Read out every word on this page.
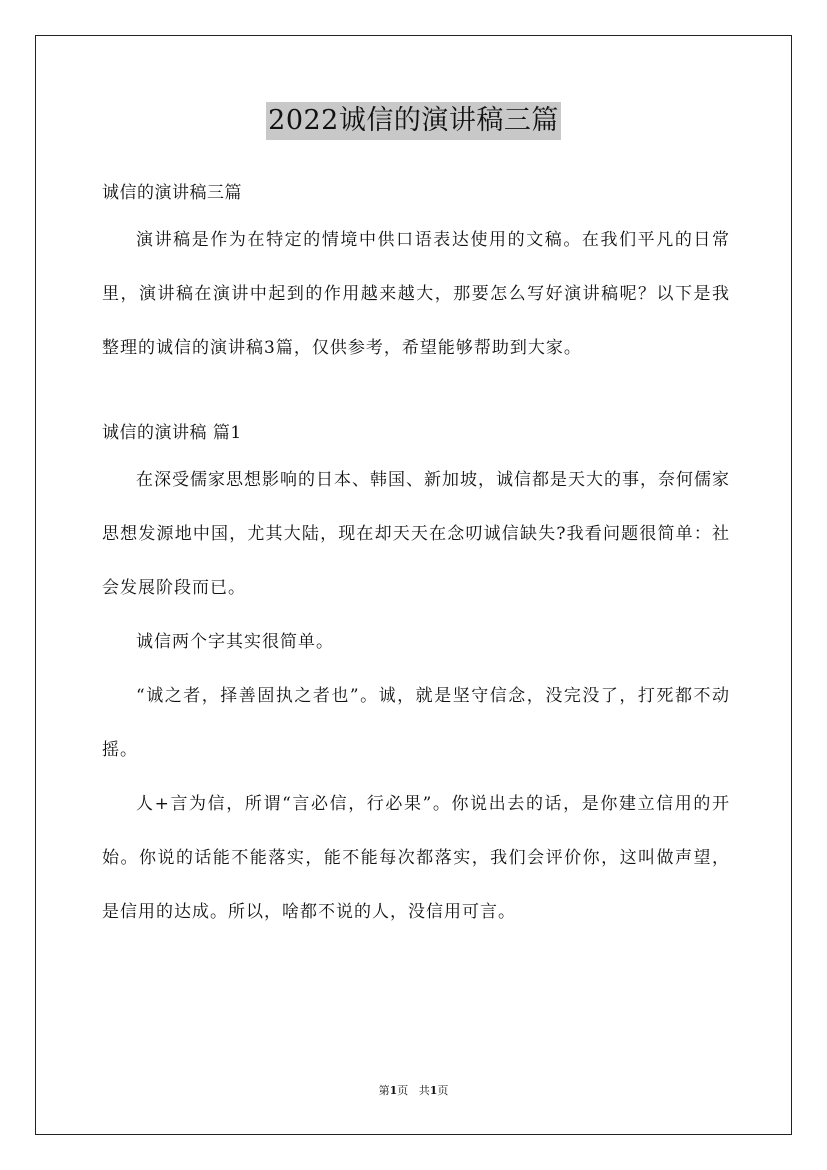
2022诚信的演讲稿三篇

诚信的演讲稿三篇

演讲稿是作为在特定的情境中供口语表达使用的文稿。在我们平凡的日常里，演讲稿在演讲中起到的作用越来越大，那要怎么写好演讲稿呢？以下是我整理的诚信的演讲稿3篇，仅供参考，希望能够帮助到大家。

诚信的演讲稿 篇1

在深受儒家思想影响的日本、韩国、新加坡，诚信都是天大的事，奈何儒家思想发源地中国，尤其大陆，现在却天天在念叨诚信缺失?我看问题很简单：社会发展阶段而已。

诚信两个字其实很简单。

“诚之者，择善固执之者也”。诚，就是坚守信念，没完没了，打死都不动摇。

人+言为信，所谓“言必信，行必果”。你说出去的话，是你建立信用的开始。你说的话能不能落实，能不能每次都落实，我们会评价你，这叫做声望，是信用的达成。所以，啥都不说的人，没信用可言。

第1页 共1页
